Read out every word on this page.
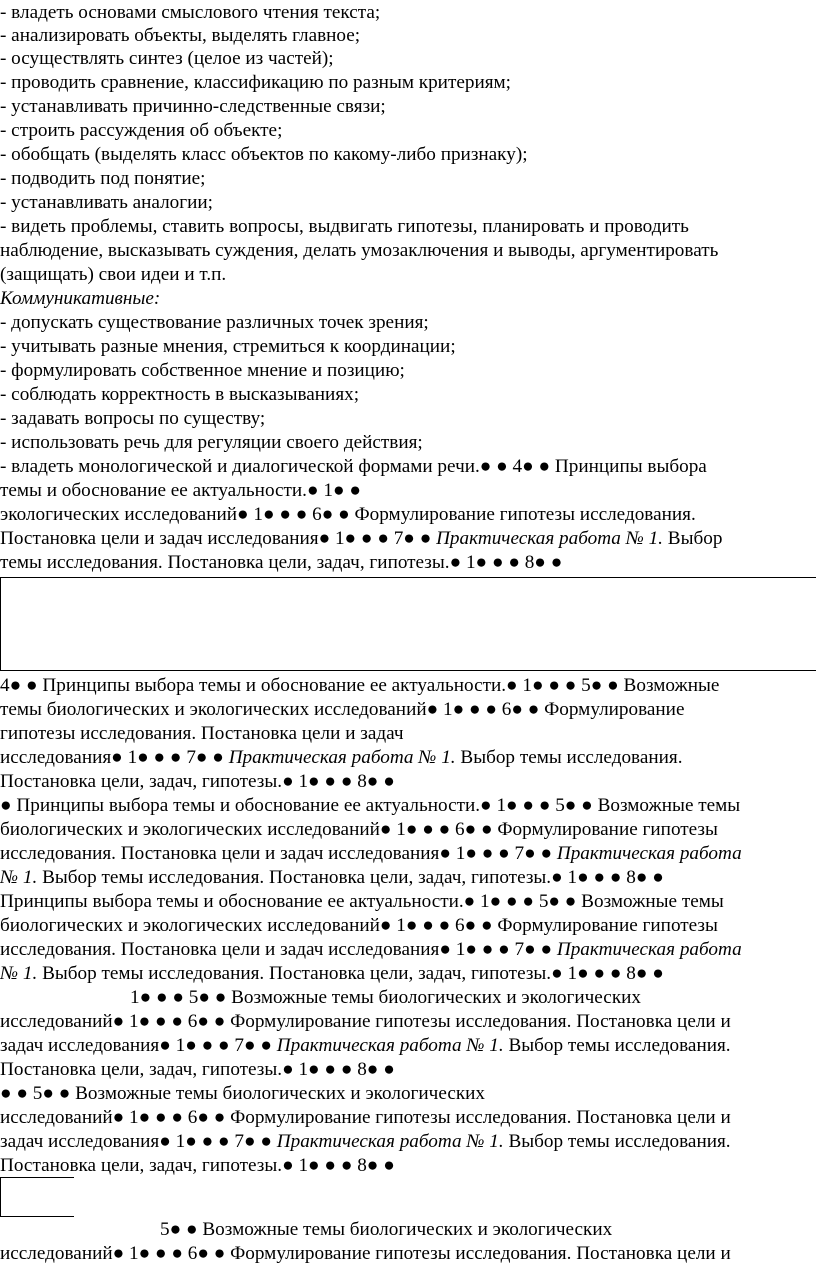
- владеть основами смыслового чтения текста;
- анализировать объекты, выделять главное;
- осуществлять синтез (целое из частей);
- проводить сравнение, классификацию по разным критериям;
- устанавливать причинно-следственные связи;
- строить рассуждения об объекте;
- обобщать (выделять класс объектов по какому-либо признаку);
- подводить под понятие;
- устанавливать аналогии;
- видеть проблемы, ставить вопросы, выдвигать гипотезы, планировать и проводить
наблюдение, высказывать суждения, делать умозаключения и выводы, аргументировать
(защищать) свои идеи и т.п.
Коммуникативные:
- допускать существование различных точек зрения;
- учитывать разные мнения, стремиться к координации;
- формулировать собственное мнение и позицию;
- соблюдать корректность в высказываниях;
- задавать вопросы по существу;
- использовать речь для регуляции своего действия;
- владеть монологической и диалогической формами речи.● ● 4● ● Принципы выбора
темы и обоснование ее актуальности.● 1● ●
экологических исследований● 1● ● ● 6● ● Формулирование гипотезы исследования.
Постановка цели и задач исследования● 1● ● ● 7● ● Практическая работа № 1. Выбор
темы исследования. Постановка цели, задач, гипотезы.● 1● ● ● 8● ●
4● ● Принципы выбора темы и обоснование ее актуальности.● 1● ● ● 5● ● Возможные
темы биологических и экологических исследований● 1● ● ● 6● ● Формулирование
гипотезы исследования. Постановка цели и задач
исследования● 1● ● ● 7● ● Практическая работа № 1. Выбор темы исследования.
Постановка цели, задач, гипотезы.● 1● ● ● 8● ●
● Принципы выбора темы и обоснование ее актуальности.● 1● ● ● 5● ● Возможные темы
биологических и экологических исследований● 1● ● ● 6● ● Формулирование гипотезы
исследования. Постановка цели и задач исследования● 1● ● ● 7● ● Практическая работа
№ 1. Выбор темы исследования. Постановка цели, задач, гипотезы.● 1● ● ● 8● ●
Принципы выбора темы и обоснование ее актуальности.● 1● ● ● 5● ● Возможные темы
биологических и экологических исследований● 1● ● ● 6● ● Формулирование гипотезы
исследования. Постановка цели и задач исследования● 1● ● ● 7● ● Практическая работа
№ 1. Выбор темы исследования. Постановка цели, задач, гипотезы.● 1● ● ● 8● ●
1● ● ● 5● ● Возможные темы биологических и экологических
исследований● 1● ● ● 6● ● Формулирование гипотезы исследования. Постановка цели и
задач исследования● 1● ● ● 7● ● Практическая работа № 1. Выбор темы исследования.
Постановка цели, задач, гипотезы.● 1● ● ● 8● ●
● ● 5● ● Возможные темы биологических и экологических
исследований● 1● ● ● 6● ● Формулирование гипотезы исследования. Постановка цели и
задач исследования● 1● ● ● 7● ● Практическая работа № 1. Выбор темы исследования.
Постановка цели, задач, гипотезы.● 1● ● ● 8● ●
5● ● Возможные темы биологических и экологических
исследований● 1● ● ● 6● ● Формулирование гипотезы исследования. Постановка цели и
